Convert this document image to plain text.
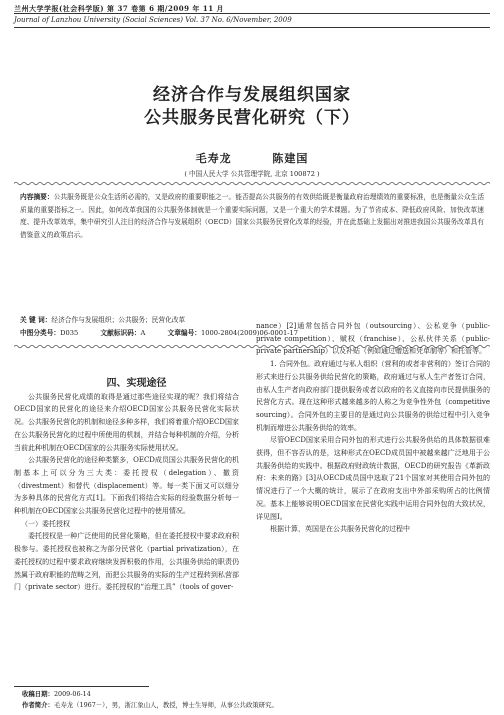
兰州大学学报(社会科学版) 第 37 卷第 6 期/2009 年 11 月
Journal of Lanzhou University (Social Sciences) Vol. 37 No. 6/November, 2009
经济合作与发展组织国家
公共服务民营化研究（下）
毛寿龙	陈建国
( 中国人民大学 公共管理学院, 北京 100872 )
内容摘要：公共服务既是公众生活所必需的，又是政府的重要职能之一。能否提高公共服务的有效供给既是衡量政府治理绩效的重要标准，也是衡量公众生活质量的重要指标之一。因此，如何改革我国的公共服务体制就是一个重要实际问题，又是一个重大的学术课题。为了节省成本、降低政府风险、加快改革速度、提升改革效率，集中研究引人注目的经济合作与发展组织（OECD）国家公共服务民营化改革的经验，并在此基础上发掘出对推进我国公共服务改革具有借鉴意义的政策启示。
关 键 词：经济合作与发展组织；公共服务；民营化改革
中图分类号：D035	文献标识码：A	文章编号：1000-2804(2009)06-0001-17

四、实现途径

公共服务民营化成绩的取得是通过那些途径实现的呢？我们将结合OECD国家的民营化的途径来介绍OECD国家公共服务民营化实际状况。公共服务民营化的机制和途径多种多样，我们将着重介绍OECD国家在公共服务民营化的过程中所使用的机制，并结合每种机制的介绍，分析当前此种机制在OECD国家的公共服务实际使用状况。

公共服务民营化的途径种类繁多，OECD成员国公共服务民营化的机制基本上可以分为三大类：委托授权（delegation）、撤资（divestment）和替代（displacement）等。每一类下面又可以细分为多种具体的民营化方式[1]。下面我们将结合实际的经验数据分析每一种机制在OECD国家公共服务民营化过程中的使用情况。

（一）委托授权

委托授权是一种广泛使用的民营化策略，但在委托授权中要求政府积极参与。委托授权也被称之为部分民营化（partial privatization），在委托授权的过程中要求政府继续发挥积极的作用，公共服务供给的职责仍然属于政府职能的范畴之列，而把公共服务的实际的生产过程转到私营部门（private sector）进行。委托授权的“治理工具”（tools of gover-

nance）[2]通常包括合同外包（outsourcing）、公私竞争（public-private competition）、赋权（franchise）、公私伙伴关系（public-private partnership）以及补贴（例如通过赠送和凭单制等）和托管等。

1. 合同外包。政府通过与私人组织（营利的或者非营利的）签订合同的形式来进行公共服务供给民营化的策略，政府通过与私人生产者签订合同，由私人生产者向政府部门提供服务或者以政府的名义直接向市民提供服务的民营化方式。现在这种形式越来越多的人称之为竞争性外包（competitive sourcing）。合同外包的主要目的是通过向公共服务的供给过程中引入竞争机制而增进公共服务供给的效率。

尽管OECD国家采用合同外包的形式进行公共服务供给的具体数据很难获得，但不容否认的是，这种形式在OECD成员国中被越来越广泛地用于公共服务供给的实践中。根据政府财政统计数据，OECD的研究报告《革新政府：未来的路》[3]从OECD成员国中选取了21个国家对其使用合同外包的情况进行了一个大概的统计，展示了在政府支出中外部采购所占的比例情况。基本上能够说明OECD国家在民营化实践中运用合同外包的大致状况，详见图Ⅰ。

根据计算，英国是在公共服务民营化的过程中

收稿日期：2009-06-14
作者简介：毛寿龙（1967－），男，浙江象山人，教授，博士生导师，从事公共政策研究。
